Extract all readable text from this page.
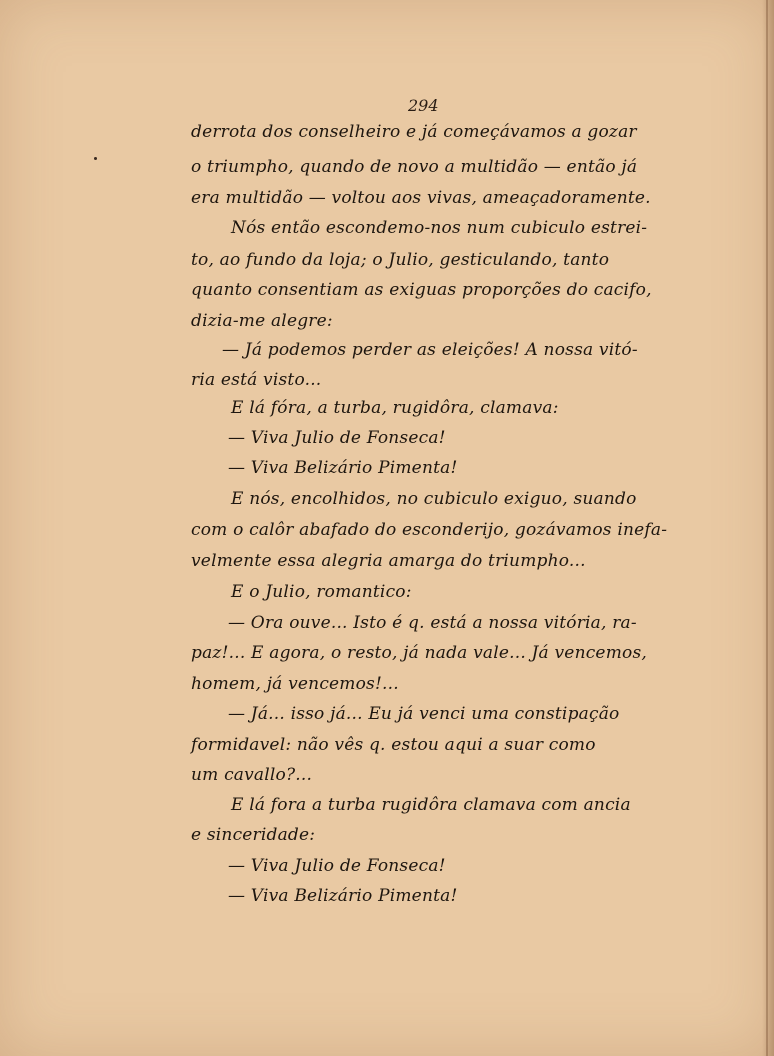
294

derrota dos conselheiro e já começávamos a gozar
o triumpho, quando de novo a multidão — então já
era multidão — voltou aos vivas, ameaçadoramente.
Nós então escondemo-nos num cubiculo estrei-
to, ao fundo da loja; o Julio, gesticulando, tanto
quanto consentiam as exiguas proporções do cacifo,
dizia-me alegre:
— Já podemos perder as eleições! A nossa vitó-
ria está visto...
E lá fóra, a turba, rugidôra, clamava:
— Viva Julio de Fonseca!
— Viva Belizário Pimenta!
E nós, encolhidos, no cubiculo exiguo, suando
com o calôr abafado do esconderijo, gozávamos inefa-
velmente essa alegria amarga do triumpho...
E o Julio, romantico:
— Ora ouve... Isto é q. está a nossa vitória, ra-
paz!... E agora, o resto, já nada vale... Já vencemos,
homem, já vencemos!...
— Já... isso já... Eu já venci uma constipação
formidavel: não vês q. estou aqui a suar como
um cavallo?...
E lá fora a turba rugidôra clamava com ancia
e sinceridade:
— Viva Julio de Fonseca!
— Viva Belizário Pimenta!
